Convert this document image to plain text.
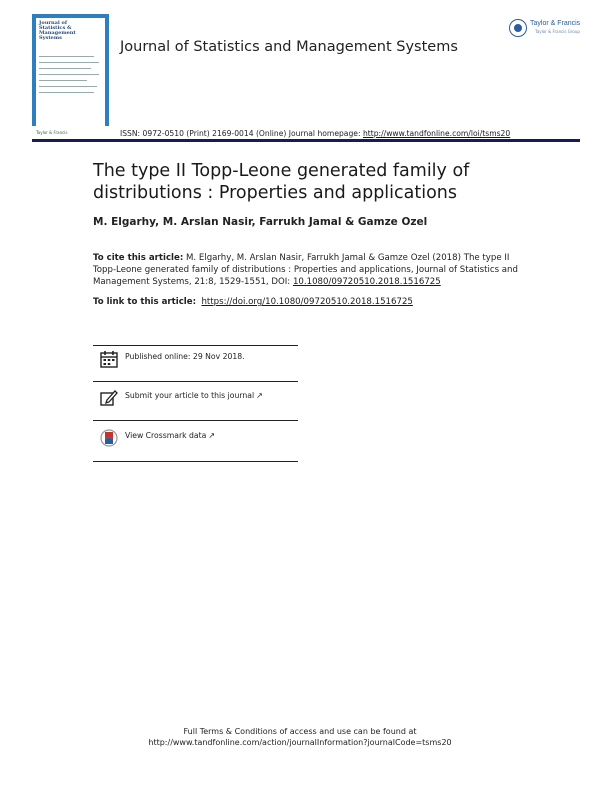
Journal of Statistics & Management Systems
Taylor & Francis
Taylor & Francis
Taylor & Francis Group
Journal of Statistics and Management Systems
ISSN: 0972-0510 (Print) 2169-0014 (Online) Journal homepage: http://www.tandfonline.com/loi/tsms20
The type II Topp-Leone generated family of distributions : Properties and applications
M. Elgarhy, M. Arslan Nasir, Farrukh Jamal & Gamze Ozel
To cite this article: M. Elgarhy, M. Arslan Nasir, Farrukh Jamal & Gamze Ozel (2018) The type II Topp-Leone generated family of distributions : Properties and applications, Journal of Statistics and Management Systems, 21:8, 1529-1551, DOI: 10.1080/09720510.2018.1516725
To link to this article: https://doi.org/10.1080/09720510.2018.1516725
Published online: 29 Nov 2018.
Submit your article to this journal ↗
View Crossmark data ↗
Full Terms & Conditions of access and use can be found at
http://www.tandfonline.com/action/journalInformation?journalCode=tsms20
